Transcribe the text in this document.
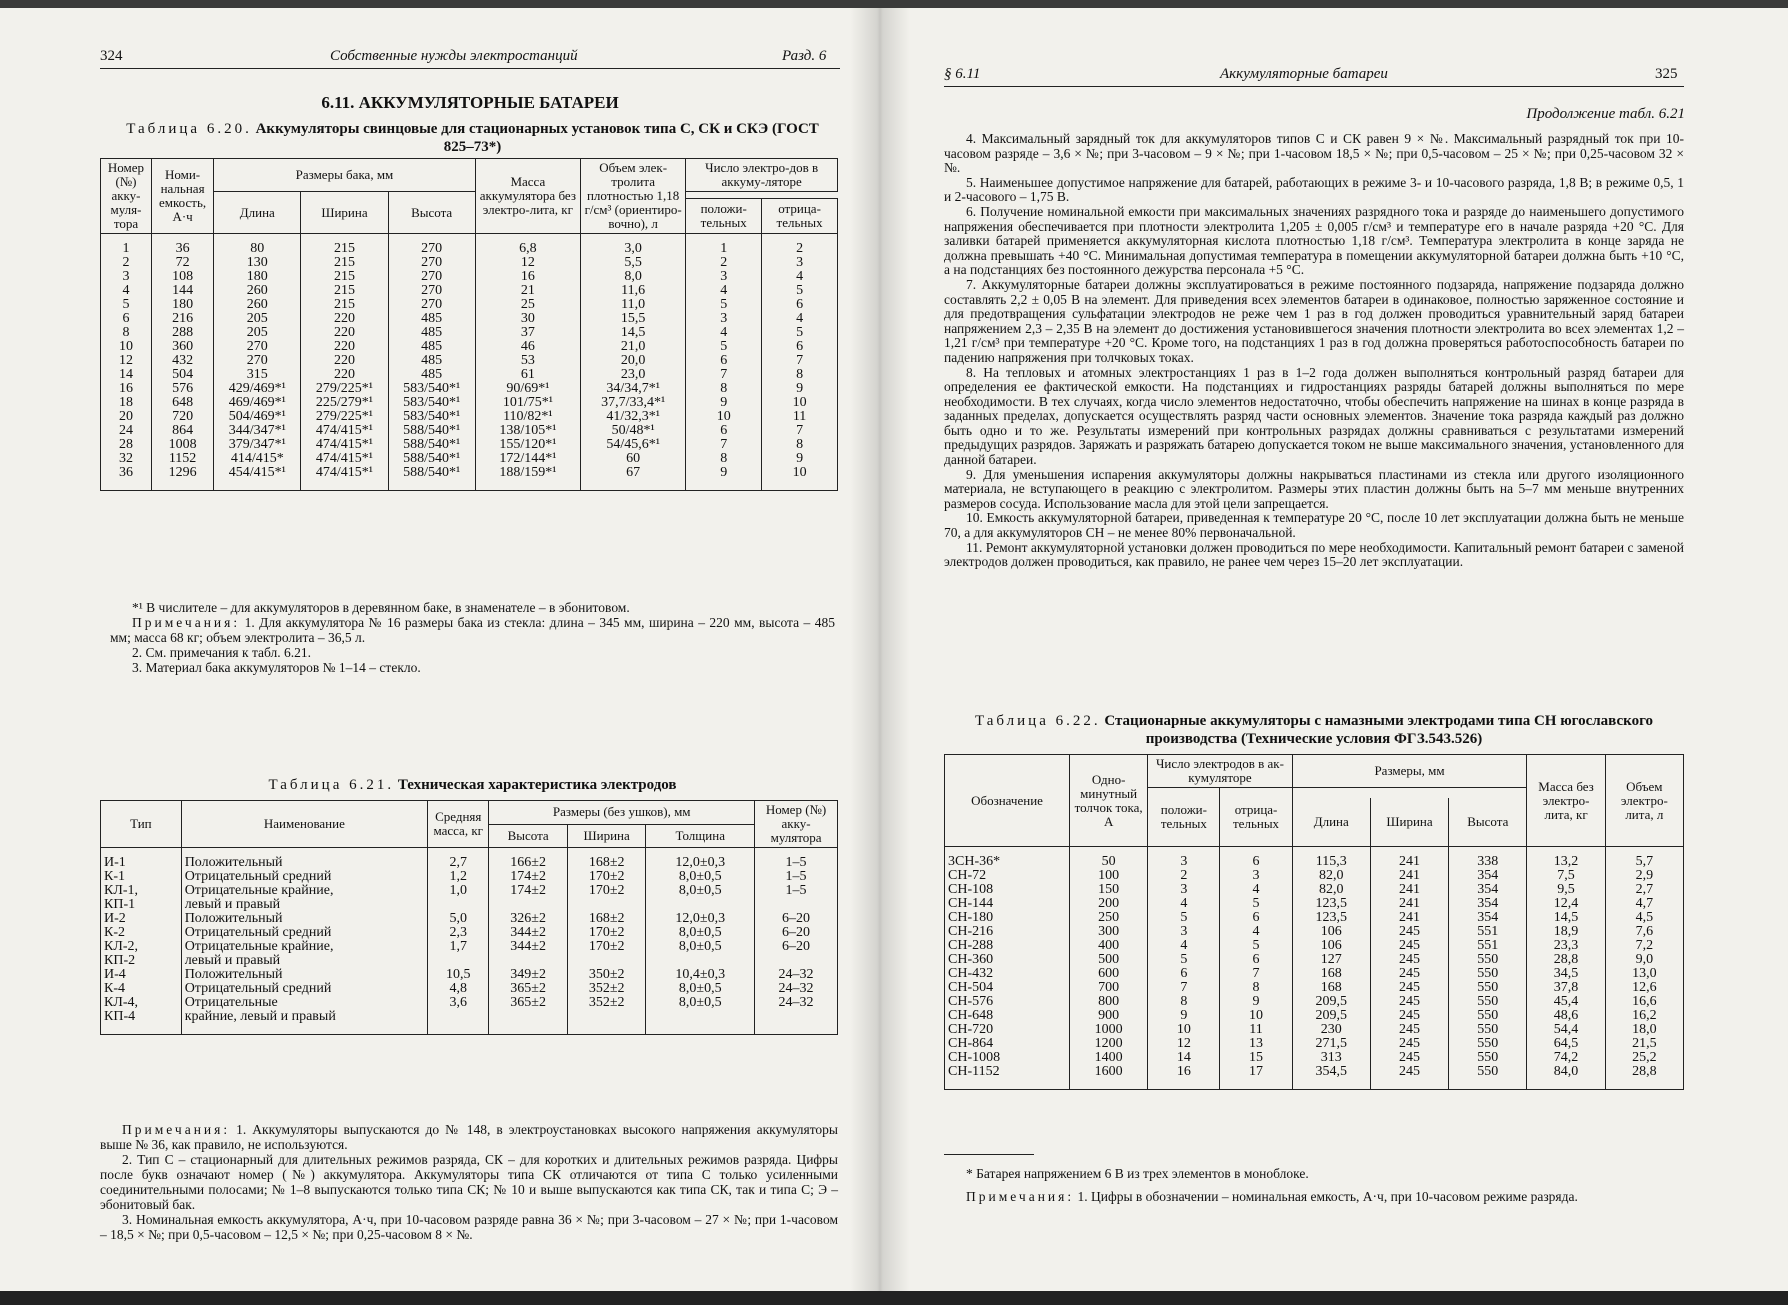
324	Собственные нужды электростанций	Разд. 6
6.11. АККУМУЛЯТОРНЫЕ БАТАРЕИ
Таблица 6.20. Аккумуляторы свинцовые для стационарных установок типа С, СК и СКЭ (ГОСТ 825–73*)
Номер (№) акку-муля-тора	Номи-нальная емкость, А·ч	Размеры бака, мм			Масса аккумулятора без электро-лита, кг	Объем элек-тролита плотностью 1,18 г/см³ (ориентиро-вочно), л	Число электро-дов в аккуму-ляторе	
		Длина	Ширина	Высота				
							положи-тельных	отрица-тельных
1	36	80	215	270	6,8	3,0	1	2
2	72	130	215	270	12	5,5	2	3
3	108	180	215	270	16	8,0	3	4
4	144	260	215	270	21	11,6	4	5
5	180	260	215	270	25	11,0	5	6
6	216	205	220	485	30	15,5	3	4
8	288	205	220	485	37	14,5	4	5
10	360	270	220	485	46	21,0	5	6
12	432	270	220	485	53	20,0	6	7
14	504	315	220	485	61	23,0	7	8
16	576	429/469*¹	279/225*¹	583/540*¹	90/69*¹	34/34,7*¹	8	9
18	648	469/469*¹	225/279*¹	583/540*¹	101/75*¹	37,7/33,4*¹	9	10
20	720	504/469*¹	279/225*¹	583/540*¹	110/82*¹	41/32,3*¹	10	11
24	864	344/347*¹	474/415*¹	588/540*¹	138/105*¹	50/48*¹	6	7
28	1008	379/347*¹	474/415*¹	588/540*¹	155/120*¹	54/45,6*¹	7	8
32	1152	414/415*	474/415*¹	588/540*¹	172/144*¹	60	8	9
36	1296	454/415*¹	474/415*¹	588/540*¹	188/159*¹	67	9	10

*¹ В числителе – для аккумуляторов в деревянном баке, в знаменателе – в эбонитовом.

Примечания: 1. Для аккумулятора № 16 размеры бака из стекла: длина – 345 мм, ширина – 220 мм, высота – 485 мм; масса 68 кг; объем электролита – 36,5 л.

2. См. примечания к табл. 6.21.

3. Материал бака аккумуляторов № 1–14 – стекло.

Таблица 6.21. Техническая характеристика электродов
Тип	Наименование	Средняя масса, кг	Размеры (без ушков), мм			Номер (№) акку-мулятора
			Высота	Ширина	Толщина	
И-1	Положительный	2,7	166±2	168±2	12,0±0,3	1–5
К-1	Отрицательный средний	1,2	174±2	170±2	8,0±0,5	1–5
КЛ-1,	Отрицательные крайние,	1,0	174±2	170±2	8,0±0,5	1–5
КП-1	левый и правый					
И-2	Положительный	5,0	326±2	168±2	12,0±0,3	6–20
К-2	Отрицательный средний	2,3	344±2	170±2	8,0±0,5	6–20
КЛ-2,	Отрицательные крайние,	1,7	344±2	170±2	8,0±0,5	6–20
КП-2	левый и правый					
И-4	Положительный	10,5	349±2	350±2	10,4±0,3	24–32
К-4	Отрицательный средний	4,8	365±2	352±2	8,0±0,5	24–32
КЛ-4,	Отрицательные	3,6	365±2	352±2	8,0±0,5	24–32
КП-4	крайние, левый и правый					

Примечания: 1. Аккумуляторы выпускаются до № 148, в электроустановках высокого напряжения аккумуляторы выше № 36, как правило, не используются.

2. Тип С – стационарный для длительных режимов разряда, СК – для коротких и длительных режимов разряда. Цифры после букв означают номер (№) аккумулятора. Аккумуляторы типа СК отличаются от типа С только усиленными соединительными полосами; № 1–8 выпускаются только типа СК; № 10 и выше выпускаются как типа СК, так и типа С; Э – эбонитовый бак.

3. Номинальная емкость аккумулятора, А·ч, при 10-часовом разряде равна 36 × №; при 3-часовом – 27 × №; при 1-часовом – 18,5 × №; при 0,5-часовом – 12,5 × №; при 0,25-часовом 8 × №.

§ 6.11	Аккумуляторные батареи	325
Продолжение табл. 6.21

4. Максимальный зарядный ток для аккумуляторов типов С и СК равен 9 × №. Максимальный разрядный ток при 10-часовом разряде – 3,6 × №; при 3-часовом – 9 × №; при 1-часовом 18,5 × №; при 0,5-часовом – 25 × №; при 0,25-часовом 32 × №.

5. Наименьшее допустимое напряжение для батарей, работающих в режиме 3- и 10-часового разряда, 1,8 В; в режиме 0,5, 1 и 2-часового – 1,75 В.

6. Получение номинальной емкости при максимальных значениях разрядного тока и разряде до наименьшего допустимого напряжения обеспечивается при плотности электролита 1,205 ± 0,005 г/см³ и температуре его в начале разряда +20 °С. Для заливки батарей применяется аккумуляторная кислота плотностью 1,18 г/см³. Температура электролита в конце заряда не должна превышать +40 °С. Минимальная допустимая температура в помещении аккумуляторной батареи должна быть +10 °С, а на подстанциях без постоянного дежурства персонала +5 °С.

7. Аккумуляторные батареи должны эксплуатироваться в режиме постоянного подзаряда, напряжение подзаряда должно составлять 2,2 ± 0,05 В на элемент. Для приведения всех элементов батареи в одинаковое, полностью заряженное состояние и для предотвращения сульфатации электродов не реже чем 1 раз в год должен проводиться уравнительный заряд батареи напряжением 2,3 – 2,35 В на элемент до достижения установившегося значения плотности электролита во всех элементах 1,2 – 1,21 г/см³ при температуре +20 °С. Кроме того, на подстанциях 1 раз в год должна проверяться работоспособность батареи по падению напряжения при толчковых токах.

8. На тепловых и атомных электростанциях 1 раз в 1–2 года должен выполняться контрольный разряд батареи для определения ее фактической емкости. На подстанциях и гидростанциях разряды батарей должны выполняться по мере необходимости. В тех случаях, когда число элементов недостаточно, чтобы обеспечить напряжение на шинах в конце разряда в заданных пределах, допускается осуществлять разряд части основных элементов. Значение тока разряда каждый раз должно быть одно и то же. Результаты измерений при контрольных разрядах должны сравниваться с результатами измерений предыдущих разрядов. Заряжать и разряжать батарею допускается током не выше максимального значения, установленного для данной батареи.

9. Для уменьшения испарения аккумуляторы должны накрываться пластинами из стекла или другого изоляционного материала, не вступающего в реакцию с электролитом. Размеры этих пластин должны быть на 5–7 мм меньше внутренних размеров сосуда. Использование масла для этой цели запрещается.

10. Емкость аккумуляторной батареи, приведенная к температуре 20 °С, после 10 лет эксплуатации должна быть не меньше 70, а для аккумуляторов СН – не менее 80% первоначальной.

11. Ремонт аккумуляторной установки должен проводиться по мере необходимости. Капитальный ремонт батареи с заменой электродов должен проводиться, как правило, не ранее чем через 15–20 лет эксплуатации.

Таблица 6.22. Стационарные аккумуляторы с намазными электродами типа СН югославского производства (Технические условия ФГЗ.543.526)
Обозначение	Одно-минутный толчок тока, А	Число электродов в ак-кумуляторе		Размеры, мм			Масса без электро-лита, кг	Объем электро-лита, л
		положи-тельных	отрица-тельных					
				Длина	Ширина	Высота		
3СН-36*	50	3	6	115,3	241	338	13,2	5,7
СН-72	100	2	3	82,0	241	354	7,5	2,9
СН-108	150	3	4	82,0	241	354	9,5	2,7
СН-144	200	4	5	123,5	241	354	12,4	4,7
СН-180	250	5	6	123,5	241	354	14,5	4,5
СН-216	300	3	4	106	245	551	18,9	7,6
СН-288	400	4	5	106	245	551	23,3	7,2
СН-360	500	5	6	127	245	550	28,8	9,0
СН-432	600	6	7	168	245	550	34,5	13,0
СН-504	700	7	8	168	245	550	37,8	12,6
СН-576	800	8	9	209,5	245	550	45,4	16,6
СН-648	900	9	10	209,5	245	550	48,6	16,2
СН-720	1000	10	11	230	245	550	54,4	18,0
СН-864	1200	12	13	271,5	245	550	64,5	21,5
СН-1008	1400	14	15	313	245	550	74,2	25,2
СН-1152	1600	16	17	354,5	245	550	84,0	28,8

* Батарея напряжением 6 В из трех элементов в моноблоке.

Примечания: 1. Цифры в обозначении – номинальная емкость, А·ч, при 10-часовом режиме разряда.
